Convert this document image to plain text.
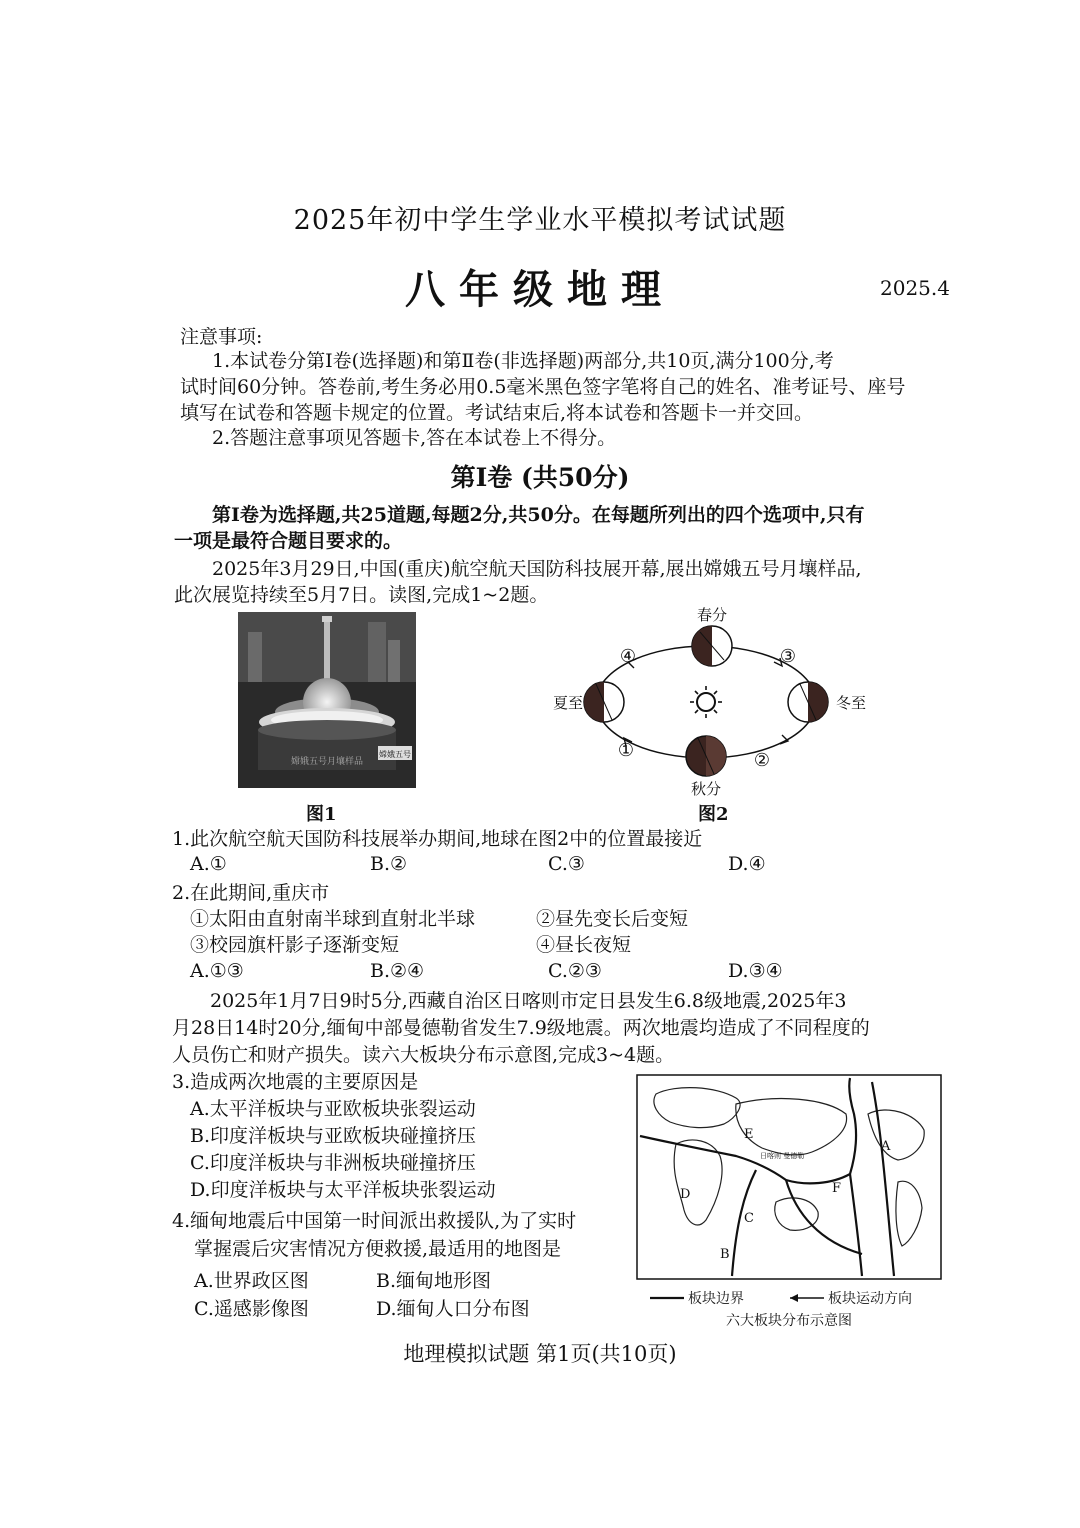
2025年初中学生学业水平模拟考试试题
八年级地理	2025.4
注意事项:
1.本试卷分第Ⅰ卷(选择题)和第Ⅱ卷(非选择题)两部分,共10页,满分100分,考
试时间60分钟。答卷前,考生务必用0.5毫米黑色签字笔将自己的姓名、准考证号、座号
填写在试卷和答题卡规定的位置。考试结束后,将本试卷和答题卡一并交回。
2.答题注意事项见答题卡,答在本试卷上不得分。
第Ⅰ卷 (共50分)
第Ⅰ卷为选择题,共25道题,每题2分,共50分。在每题所列出的四个选项中,只有
一项是最符合题目要求的。
2025年3月29日,中国(重庆)航空航天国防科技展开幕,展出嫦娥五号月壤样品,
此次展览持续至5月7日。读图,完成1~2题。
嫦娥五号
嫦娥五号月壤样品
图1
春分
夏至	冬至
秋分
④	③
①	②
图2
1.此次航空航天国防科技展举办期间,地球在图2中的位置最接近
A.①	B.②	C.③	D.④
2.在此期间,重庆市
①太阳由直射南半球到直射北半球	②昼先变长后变短
③校园旗杆影子逐渐变短	④昼长夜短
A.①③	B.②④	C.②③	D.③④
2025年1月7日9时5分,西藏自治区日喀则市定日县发生6.8级地震,2025年3
月28日14时20分,缅甸中部曼德勒省发生7.9级地震。两次地震均造成了不同程度的
人员伤亡和财产损失。读六大板块分布示意图,完成3~4题。
3.造成两次地震的主要原因是
A.太平洋板块与亚欧板块张裂运动
B.印度洋板块与亚欧板块碰撞挤压
C.印度洋板块与非洲板块碰撞挤压
D.印度洋板块与太平洋板块张裂运动
4.缅甸地震后中国第一时间派出救援队,为了实时
掌握震后灾害情况方便救援,最适用的地图是
A.世界政区图	B.缅甸地形图
C.遥感影像图	D.缅甸人口分布图
A
B
C
D
E
F
日喀则 曼德勒
板块边界	板块运动方向
六大板块分布示意图
地理模拟试题 第1页(共10页)
